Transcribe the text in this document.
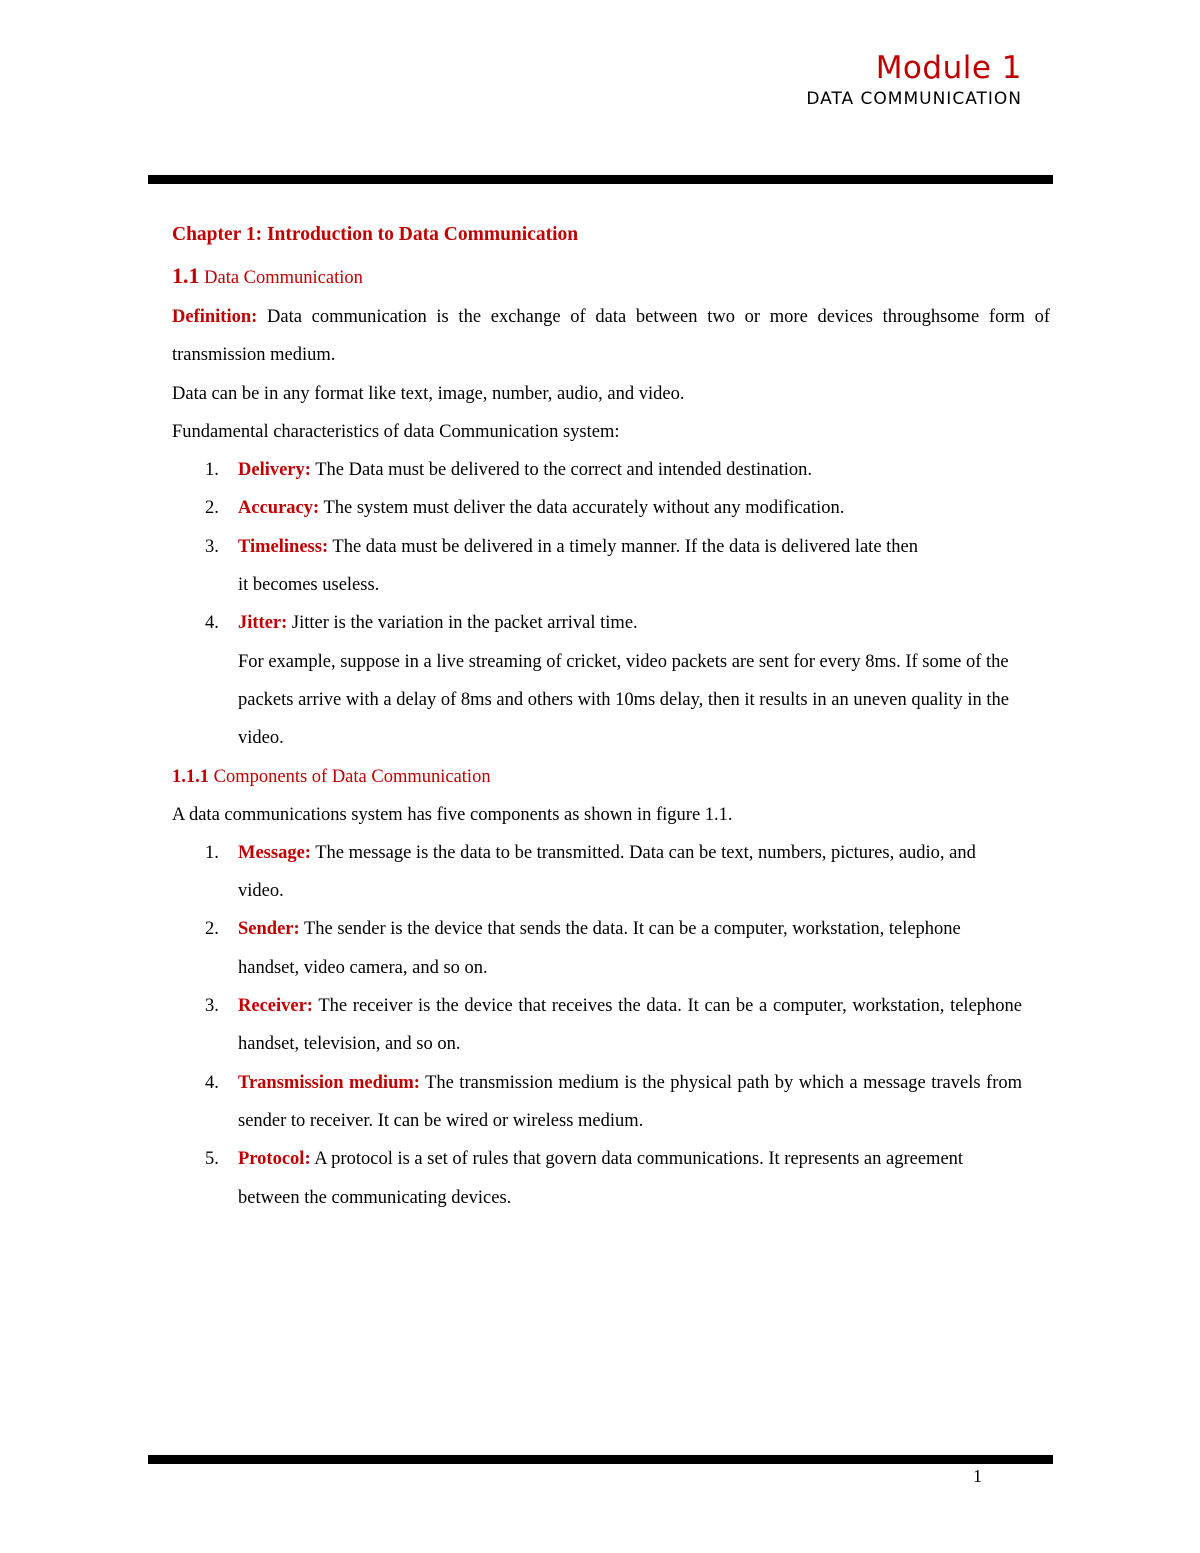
Module 1
DATA COMMUNICATION
Chapter 1: Introduction to Data Communication
1.1 Data Communication

Definition: Data communication is the exchange of data between two or more devices throughsome form of transmission medium.

Data can be in any format like text, image, number, audio, and video.

Fundamental characteristics of data Communication system:

1. Delivery: The Data must be delivered to the correct and intended destination.
2. Accuracy: The system must deliver the data accurately without any modification.
3. Timeliness: The data must be delivered in a timely manner. If the data is delivered late then it becomes useless.
4. Jitter: Jitter is the variation in the packet arrival time.
For example, suppose in a live streaming of cricket, video packets are sent for every 8ms. If some of the packets arrive with a delay of 8ms and others with 10ms delay, then it results in an uneven quality in the video.
1.1.1 Components of Data Communication

A data communications system has five components as shown in figure 1.1.

1. Message: The message is the data to be transmitted. Data can be text, numbers, pictures, audio, and video.
2. Sender: The sender is the device that sends the data. It can be a computer, workstation, telephone handset, video camera, and so on.
3. Receiver: The receiver is the device that receives the data. It can be a computer, workstation, telephone handset, television, and so on.
4. Transmission medium: The transmission medium is the physical path by which a message travels from sender to receiver. It can be wired or wireless medium.
5. Protocol: A protocol is a set of rules that govern data communications. It represents an agreement between the communicating devices.
1
